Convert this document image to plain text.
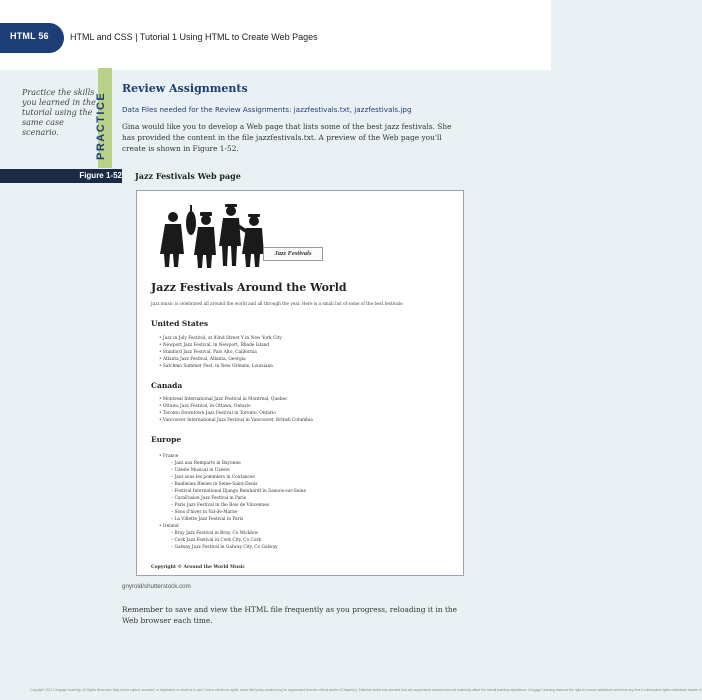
HTML 56 HTML and CSS | Tutorial 1 Using HTML to Create Web Pages
Practice the skills you learned in the tutorial using the same case scenario.	PRACTICE
Review Assignments
Data Files needed for the Review Assignments: jazzfestivals.txt, jazzfestivals.jpg
Gina would like you to develop a Web page that lists some of the best jazz festivals. She has provided the content in the file jazzfestivals.txt. A preview of the Web page you'll create is shown in Figure 1-52.
Figure 1-52 Jazz Festivals Web page
Jazz Festivals
Jazz Festivals Around the World
Jazz music is celebrated all around the world and all through the year. Here is a small list of some of the best festivals:
United States
• Jazz in July Festival, at 92nd Street Y in New York City
• Newport Jazz Festival, in Newport, Rhode Island
• Stanford Jazz Festival, Palo Alto, California
• Atlanta Jazz Festival, Atlanta, Georgia
• Satchmo Summer Fest, in New Orleans, Louisiana
Canada
• Montreal International Jazz Festival in Montreal, Quebec
• Ottawa Jazz Festival, in Ottawa, Ontario
• Toronto Downtown Jazz Festival in Toronto, Ontario
• Vancouver International Jazz Festival in Vancouver, British Columbia
Europe
• France
– Jazz aux Remparts in Bayonne
– Uzeste Musical in Uzeste
– Jazz sous les pommiers in Coutances
– Banlieues Bleues in Seine-Saint-Denis
– Festival International Django Reinhardt in Samois-sur-Seine
– CaraFusion Jazz Festival in Paris
– Paris Jazz Festival in the Bois de Vincennes
– Sons d'hiver in Val-de-Marne
– La Villette Jazz Festival in Paris
• Ireland
– Bray Jazz Festival in Bray, Co Wicklow
– Cork Jazz Festival in Cork City, Co Cork
– Galway Jazz Festival in Galway City, Co Galway
Copyright © Around the World Music
gnyrold/shutterstock.com
Remember to save and view the HTML file frequently as you progress, reloading it in the Web browser each time.
Copyright 2012 Cengage Learning. All Rights Reserved. May not be copied, scanned, or duplicated, in whole or in part. Due to electronic rights, some third party content may be suppressed from the eBook and/or eChapter(s). Editorial review has deemed that any suppressed content does not materially affect the overall learning experience. Cengage Learning reserves the right to remove additional content at any time if subsequent rights restrictions require it.
